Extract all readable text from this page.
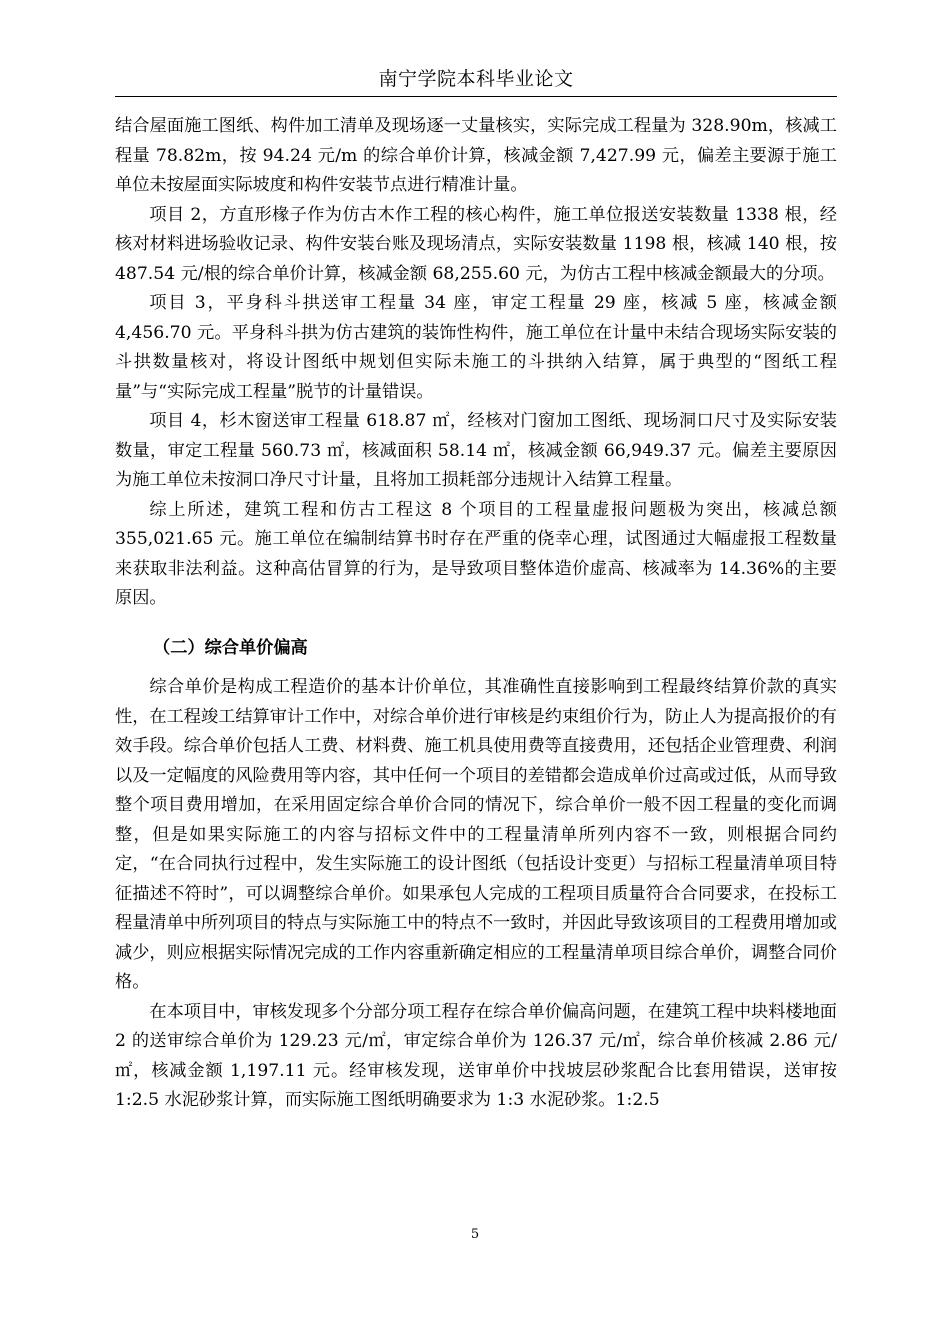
南宁学院本科毕业论文

结合屋面施工图纸、构件加工清单及现场逐一丈量核实，实际完成工程量为 328.90m，核减工程量 78.82m，按 94.24 元/m 的综合单价计算，核减金额 7,427.99 元，偏差主要源于施工单位未按屋面实际坡度和构件安装节点进行精准计量。

项目 2，方直形椽子作为仿古木作工程的核心构件，施工单位报送安装数量 1338 根，经核对材料进场验收记录、构件安装台账及现场清点，实际安装数量 1198 根，核减 140 根，按 487.54 元/根的综合单价计算，核减金额 68,255.60 元，为仿古工程中核减金额最大的分项。

项目 3，平身科斗拱送审工程量 34 座，审定工程量 29 座，核减 5 座，核减金额 4,456.70 元。平身科斗拱为仿古建筑的装饰性构件，施工单位在计量中未结合现场实际安装的斗拱数量核对，将设计图纸中规划但实际未施工的斗拱纳入结算，属于典型的“图纸工程量”与“实际完成工程量”脱节的计量错误。

项目 4，杉木窗送审工程量 618.87 ㎡，经核对门窗加工图纸、现场洞口尺寸及实际安装数量，审定工程量 560.73 ㎡，核减面积 58.14 ㎡，核减金额 66,949.37 元。偏差主要原因为施工单位未按洞口净尺寸计量，且将加工损耗部分违规计入结算工程量。

综上所述，建筑工程和仿古工程这 8 个项目的工程量虚报问题极为突出，核减总额 355,021.65 元。施工单位在编制结算书时存在严重的侥幸心理，试图通过大幅虚报工程数量来获取非法利益。这种高估冒算的行为，是导致项目整体造价虚高、核减率为 14.36%的主要原因。

（二）综合单价偏高

综合单价是构成工程造价的基本计价单位，其准确性直接影响到工程最终结算价款的真实性，在工程竣工结算审计工作中，对综合单价进行审核是约束组价行为，防止人为提高报价的有效手段。综合单价包括人工费、材料费、施工机具使用费等直接费用，还包括企业管理费、利润以及一定幅度的风险费用等内容，其中任何一个项目的差错都会造成单价过高或过低，从而导致整个项目费用增加，在采用固定综合单价合同的情况下，综合单价一般不因工程量的变化而调整，但是如果实际施工的内容与招标文件中的工程量清单所列内容不一致，则根据合同约定，“在合同执行过程中，发生实际施工的设计图纸（包括设计变更）与招标工程量清单项目特征描述不符时”，可以调整综合单价。如果承包人完成的工程项目质量符合合同要求，在投标工程量清单中所列项目的特点与实际施工中的特点不一致时，并因此导致该项目的工程费用增加或减少，则应根据实际情况完成的工作内容重新确定相应的工程量清单项目综合单价，调整合同价格。

在本项目中，审核发现多个分部分项工程存在综合单价偏高问题，在建筑工程中块料楼地面 2 的送审综合单价为 129.23 元/㎡，审定综合单价为 126.37 元/㎡，综合单价核减 2.86 元/㎡，核减金额 1,197.11 元。经审核发现，送审单价中找坡层砂浆配合比套用错误，送审按 1:2.5 水泥砂浆计算，而实际施工图纸明确要求为 1:3 水泥砂浆。1:2.5

5
